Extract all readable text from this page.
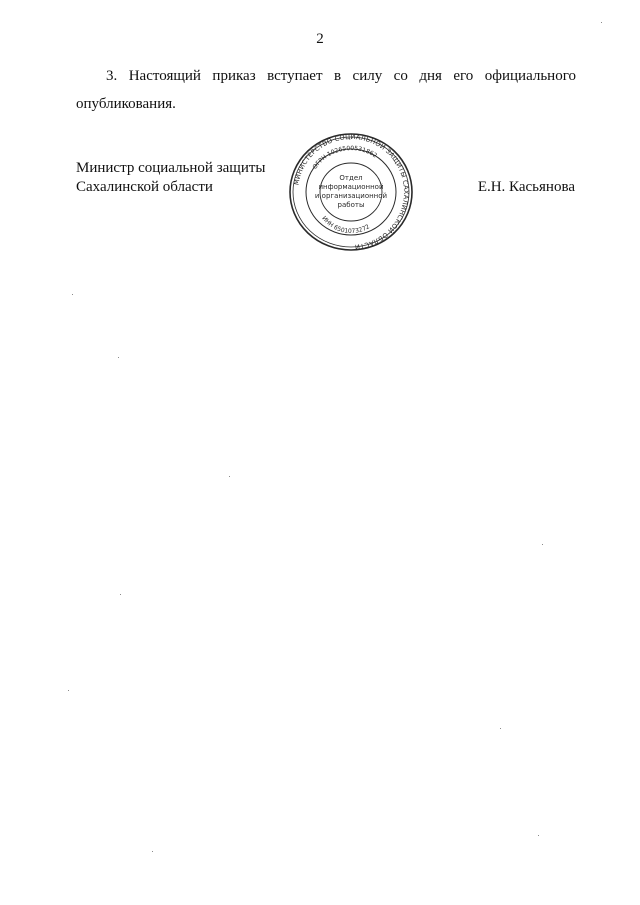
2
3. Настоящий приказ вступает в силу со дня его официального опубликования.
Министр социальной защиты
Сахалинской области	Е.Н. Касьянова
МИНИСТЕРСТВО СОЦИАЛЬНОЙ ЗАЩИТЫ САХАЛИНСКОЙ ОБЛАСТИ
ОГРН 1026500531862
ИНН 6501073272
Отдел
информационной
и организационной
работы
